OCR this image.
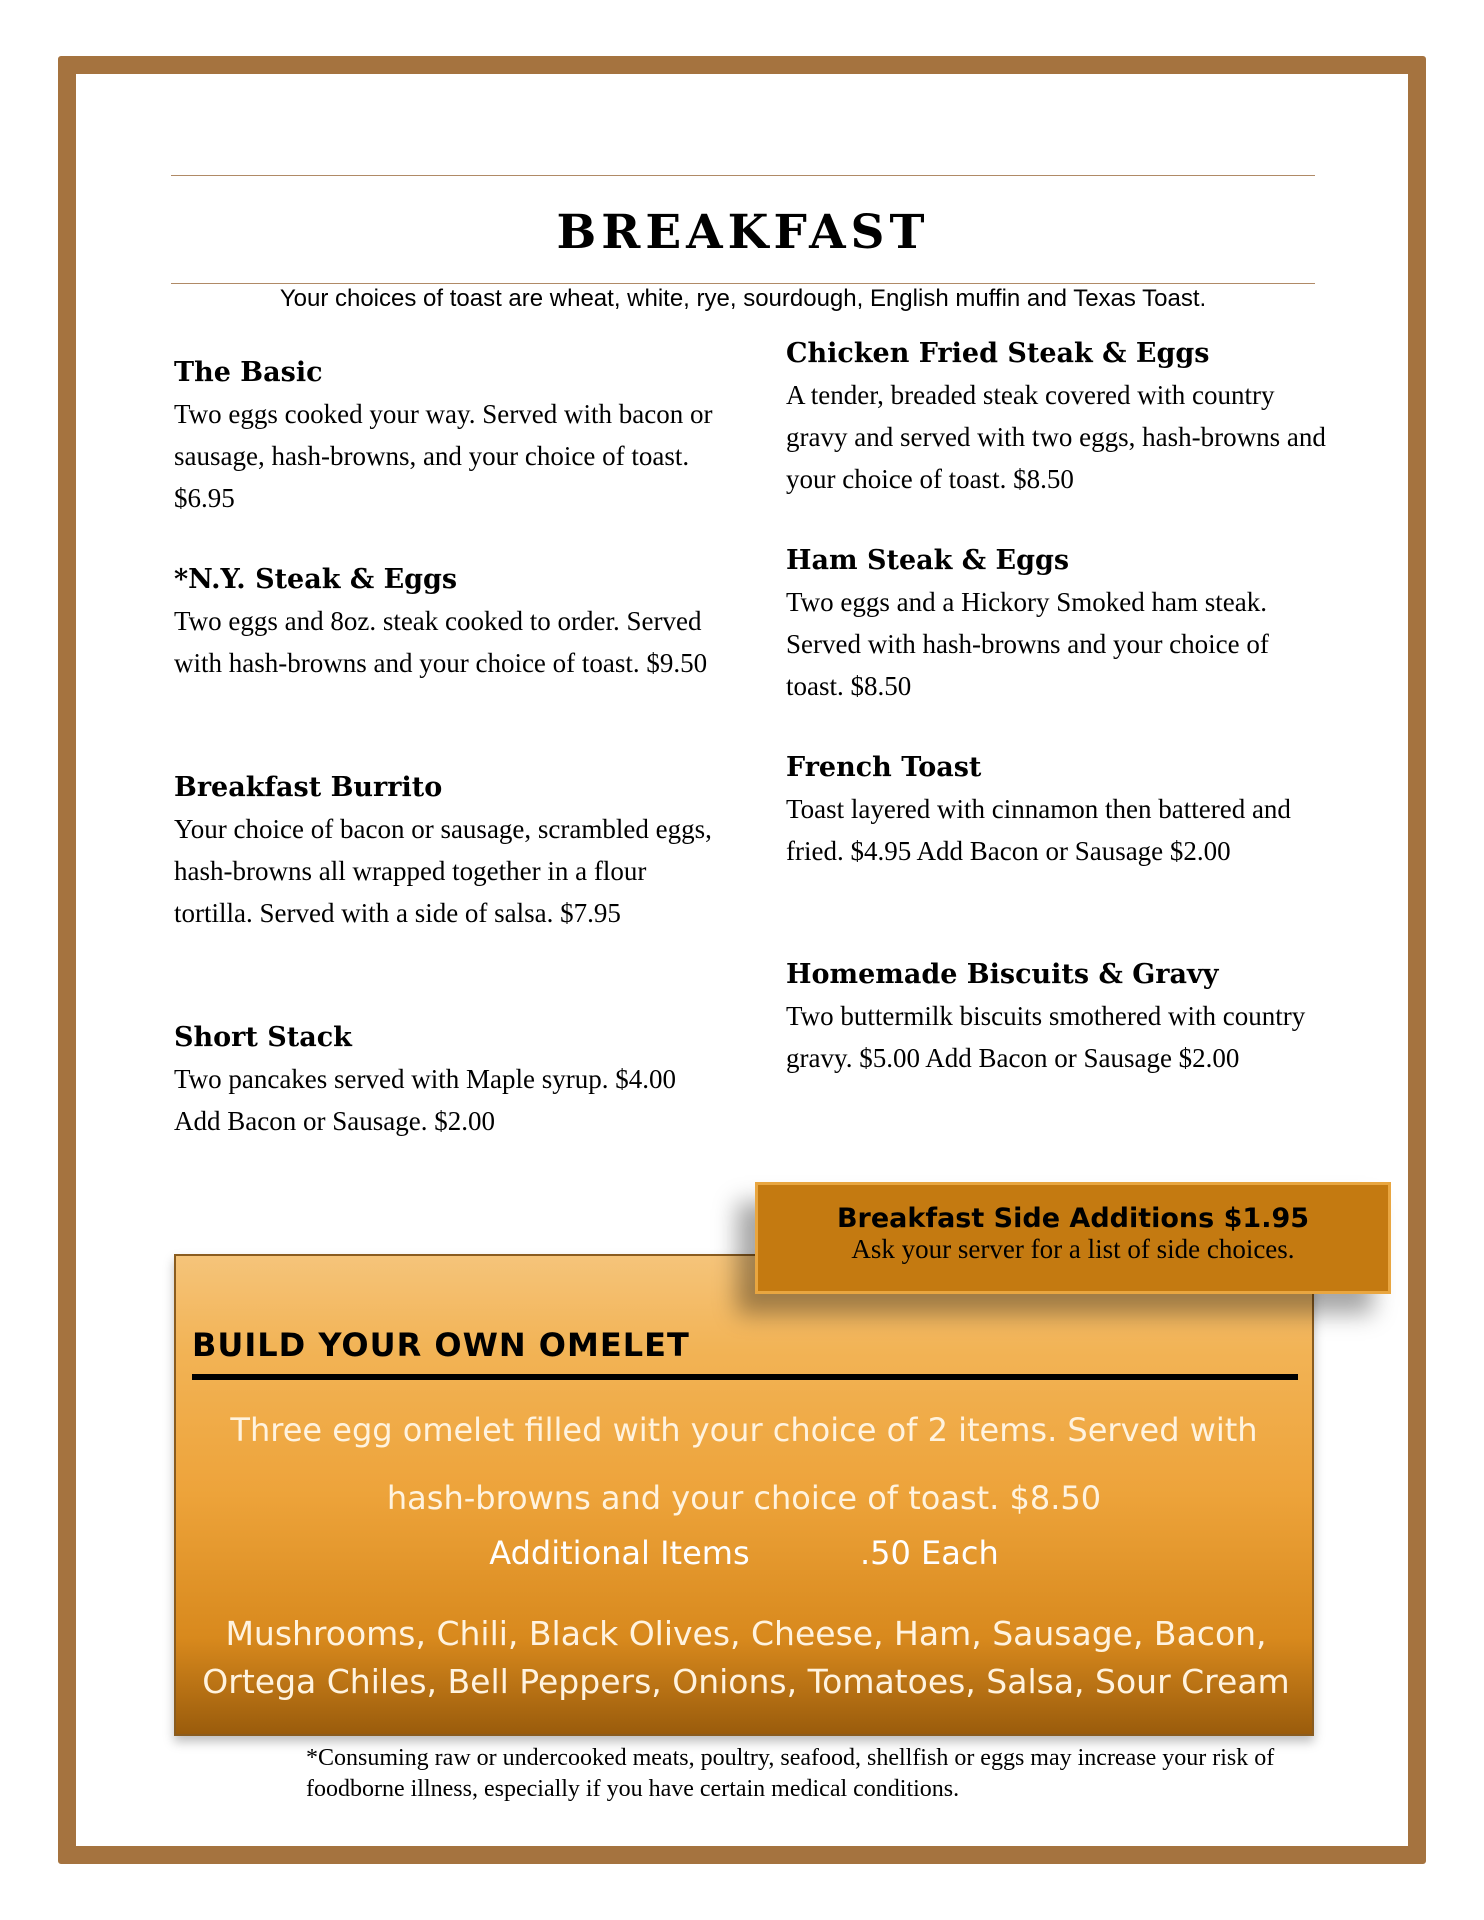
BREAKFAST
Your choices of toast are wheat, white, rye, sourdough, English muffin and Texas Toast.
The Basic
Two eggs cooked your way. Served with bacon or sausage, hash-browns, and your choice of toast. $6.95
*N.Y. Steak & Eggs
Two eggs and 8oz. steak cooked to order. Served with hash-browns and your choice of toast. $9.50
Breakfast Burrito
Your choice of bacon or sausage, scrambled eggs, hash-browns all wrapped together in a flour tortilla. Served with a side of salsa. $7.95
Short Stack
Two pancakes served with Maple syrup. $4.00 Add Bacon or Sausage. $2.00
Chicken Fried Steak & Eggs
A tender, breaded steak covered with country gravy and served with two eggs, hash-browns and your choice of toast. $8.50
Ham Steak & Eggs
Two eggs and a Hickory Smoked ham steak. Served with hash-browns and your choice of toast. $8.50
French Toast
Toast layered with cinnamon then battered and fried. $4.95 Add Bacon or Sausage $2.00
Homemade Biscuits & Gravy
Two buttermilk biscuits smothered with country gravy. $5.00 Add Bacon or Sausage $2.00
BUILD YOUR OWN OMELET
Three egg omelet filled with your choice of 2 items. Served with
hash-browns and your choice of toast. $8.50
Additional Items	.50 Each
Mushrooms, Chili, Black Olives, Cheese, Ham, Sausage, Bacon, Ortega Chiles, Bell Peppers, Onions, Tomatoes, Salsa, Sour Cream
Breakfast Side Additions $1.95
Ask your server for a list of side choices.
*Consuming raw or undercooked meats, poultry, seafood, shellfish or eggs may increase your risk of foodborne illness, especially if you have certain medical conditions.
